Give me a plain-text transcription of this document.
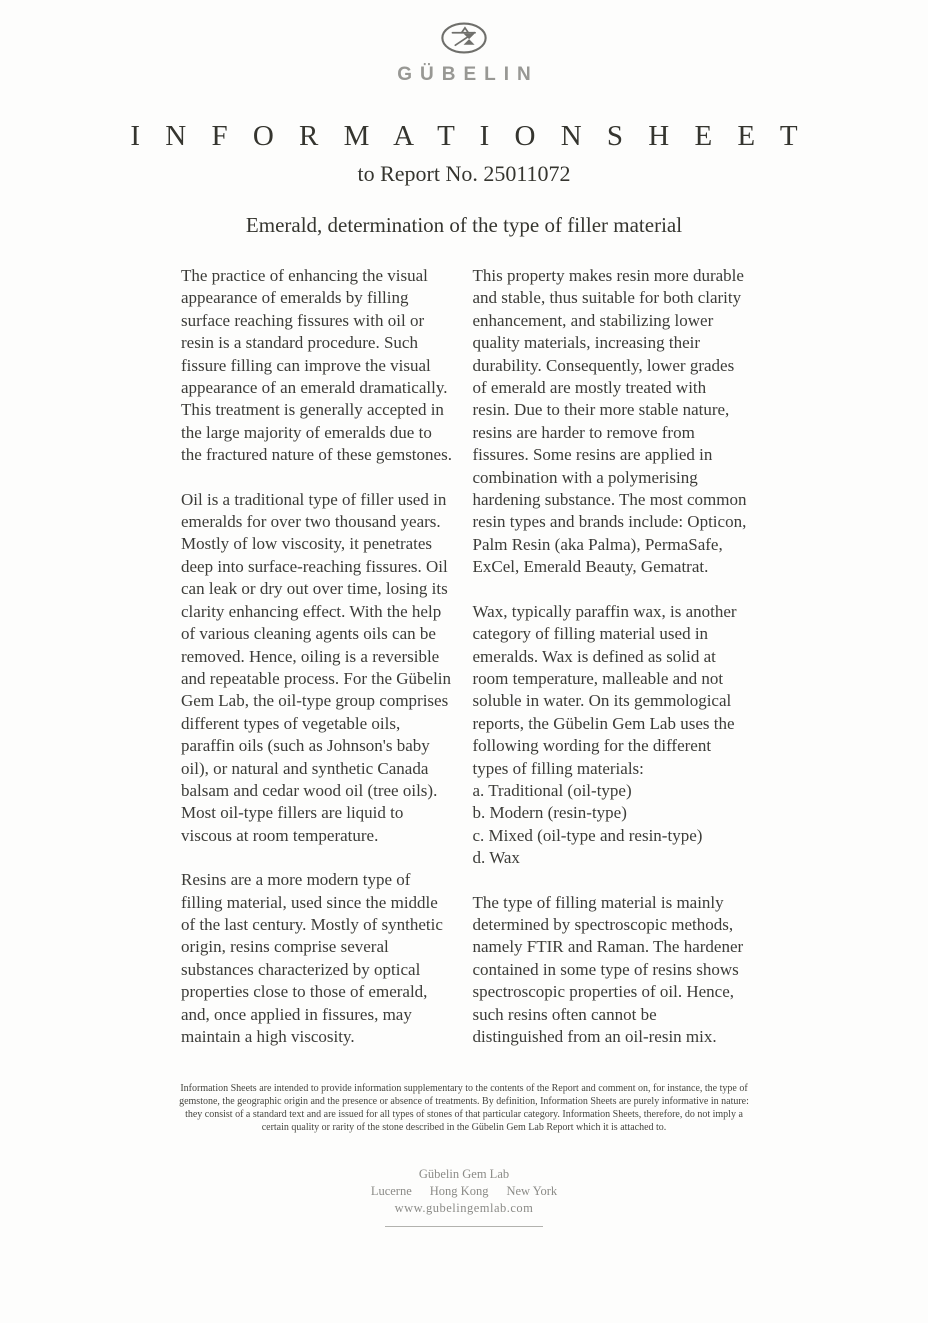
GÜBELIN
I N F O R M A T I O N S H E E T
to Report No. 25011072
Emerald, determination of the type of filler material

The practice of enhancing the visual appearance of emeralds by filling surface reaching fissures with oil or resin is a standard procedure. Such fissure filling can improve the visual appearance of an emerald dramatically. This treatment is generally accepted in the large majority of emeralds due to the fractured nature of these gemstones.

Oil is a traditional type of filler used in emeralds for over two thousand years. Mostly of low viscosity, it penetrates deep into surface-reaching fissures. Oil can leak or dry out over time, losing its clarity enhancing effect. With the help of various cleaning agents oils can be removed. Hence, oiling is a reversible and repeatable process. For the Gübelin Gem Lab, the oil-type group comprises different types of vegetable oils, paraffin oils (such as Johnson's baby oil), or natural and synthetic Canada balsam and cedar wood oil (tree oils). Most oil-type fillers are liquid to viscous at room temperature.

Resins are a more modern type of filling material, used since the middle of the last century. Mostly of synthetic origin, resins comprise several substances characterized by optical properties close to those of emerald, and, once applied in fissures, may maintain a high viscosity.

This property makes resin more durable and stable, thus suitable for both clarity enhancement, and stabilizing lower quality materials, increasing their durability. Consequently, lower grades of emerald are mostly treated with resin. Due to their more stable nature, resins are harder to remove from fissures. Some resins are applied in combination with a polymerising hardening substance. The most common resin types and brands include: Opticon, Palm Resin (aka Palma), PermaSafe, ExCel, Emerald Beauty, Gematrat.

Wax, typically paraffin wax, is another category of filling material used in emeralds. Wax is defined as solid at room temperature, malleable and not soluble in water. On its gemmological reports, the Gübelin Gem Lab uses the following wording for the different types of filling materials:

a. Traditional (oil-type)
b. Modern (resin-type)
c. Mixed (oil-type and resin-type)
d. Wax

The type of filling material is mainly determined by spectroscopic methods, namely FTIR and Raman. The hardener contained in some type of resins shows spectroscopic properties of oil. Hence, such resins often cannot be distinguished from an oil-resin mix.

Information Sheets are intended to provide information supplementary to the contents of the Report and comment on, for instance, the type of gemstone, the geographic origin and the presence or absence of treatments. By definition, Information Sheets are purely informative in nature: they consist of a standard text and are issued for all types of stones of that particular category. Information Sheets, therefore, do not imply a certain quality or rarity of the stone described in the Gübelin Gem Lab Report which it is attached to.
Gübelin Gem Lab
Lucerne Hong Kong New York
www.gubelingemlab.com
